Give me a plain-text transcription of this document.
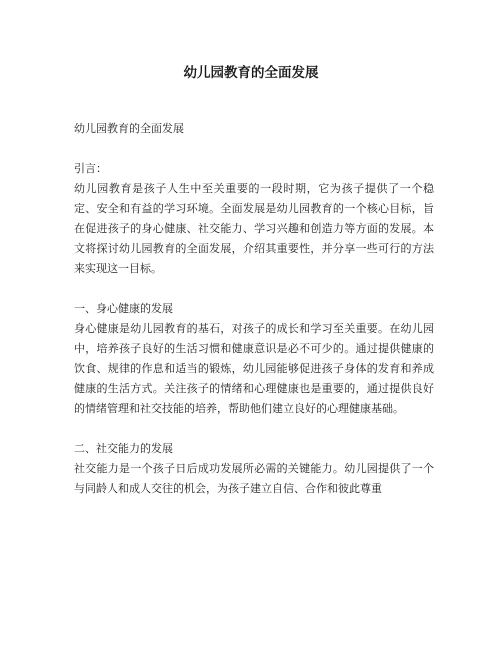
幼儿园教育的全面发展

幼儿园教育的全面发展

引言：

幼儿园教育是孩子人生中至关重要的一段时期，它为孩子提供了一个稳定、安全和有益的学习环境。全面发展是幼儿园教育的一个核心目标，旨在促进孩子的身心健康、社交能力、学习兴趣和创造力等方面的发展。本文将探讨幼儿园教育的全面发展，介绍其重要性，并分享一些可行的方法来实现这一目标。

一、身心健康的发展

身心健康是幼儿园教育的基石，对孩子的成长和学习至关重要。在幼儿园中，培养孩子良好的生活习惯和健康意识是必不可少的。通过提供健康的饮食、规律的作息和适当的锻炼，幼儿园能够促进孩子身体的发育和养成健康的生活方式。关注孩子的情绪和心理健康也是重要的，通过提供良好的情绪管理和社交技能的培养，帮助他们建立良好的心理健康基础。

二、社交能力的发展

社交能力是一个孩子日后成功发展所必需的关键能力。幼儿园提供了一个与同龄人和成人交往的机会，为孩子建立自信、合作和彼此尊重
